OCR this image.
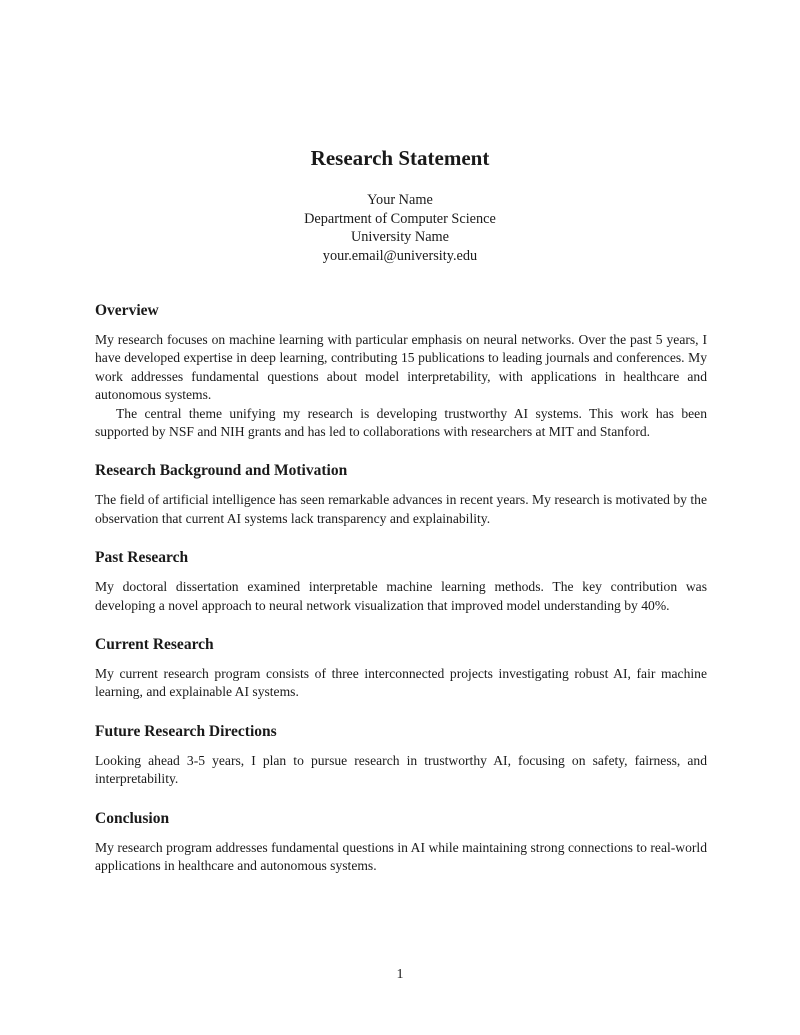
Research Statement
Your Name
Department of Computer Science
University Name
your.email@university.edu
Overview

My research focuses on machine learning with particular emphasis on neural networks. Over the past 5 years, I have developed expertise in deep learning, contributing 15 publications to leading journals and conferences. My work addresses fundamental questions about model interpretability, with applications in healthcare and autonomous systems.

The central theme unifying my research is developing trustworthy AI systems. This work has been supported by NSF and NIH grants and has led to collaborations with researchers at MIT and Stanford.

Research Background and Motivation

The field of artificial intelligence has seen remarkable advances in recent years. My research is motivated by the observation that current AI systems lack transparency and explainability.

Past Research

My doctoral dissertation examined interpretable machine learning methods. The key contribution was developing a novel approach to neural network visualization that improved model understanding by 40%.

Current Research

My current research program consists of three interconnected projects investigating robust AI, fair machine learning, and explainable AI systems.

Future Research Directions

Looking ahead 3-5 years, I plan to pursue research in trustworthy AI, focusing on safety, fairness, and interpretability.

Conclusion

My research program addresses fundamental questions in AI while maintaining strong connections to real-world applications in healthcare and autonomous systems.

1
